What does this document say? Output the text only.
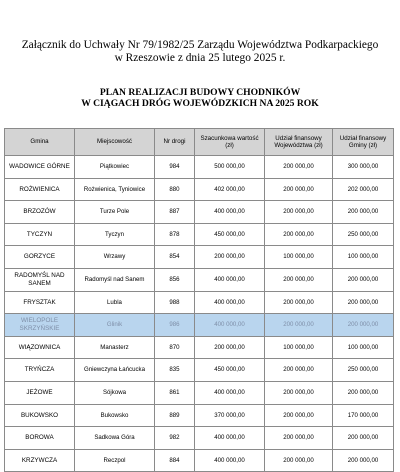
Załącznik do Uchwały Nr 79/1982/25 Zarządu Województwa Podkarpackiego
w Rzeszowie z dnia 25 lutego 2025 r.
PLAN REALIZACJI BUDOWY CHODNIKÓW
W CIĄGACH DRÓG WOJEWÓDZKICH NA 2025 ROK
Gmina	Miejscowość	Nr drogi	Szacunkowa wartość (zł)	Udział finansowy Województwa (zł)	Udział finansowy Gminy (zł)
WADOWICE GÓRNE	Piątkowiec	984	500 000,00	200 000,00	300 000,00
ROŻWIENICA	Rożwienica, Tyniowice	880	402 000,00	200 000,00	202 000,00
BRZOZÓW	Turze Pole	887	400 000,00	200 000,00	200 000,00
TYCZYN	Tyczyn	878	450 000,00	200 000,00	250 000,00
GORZYCE	Wrzawy	854	200 000,00	100 000,00	100 000,00
RADOMYŚL NAD SANEM	Radomyśl nad Sanem	856	400 000,00	200 000,00	200 000,00
FRYSZTAK	Lubla	988	400 000,00	200 000,00	200 000,00
WIELOPOLE SKRZYŃSKIE	Glinik	986	400 000,00	200 000,00	200 000,00
WIĄZOWNICA	Manasterz	870	200 000,00	100 000,00	100 000,00
TRYŃCZA	Gniewczyna Łańcucka	835	450 000,00	200 000,00	250 000,00
JEŻOWE	Sójkowa	861	400 000,00	200 000,00	200 000,00
BUKOWSKO	Bukowsko	889	370 000,00	200 000,00	170 000,00
BOROWA	Sadkowa Góra	982	400 000,00	200 000,00	200 000,00
KRZYWCZA	Reczpol	884	400 000,00	200 000,00	200 000,00
